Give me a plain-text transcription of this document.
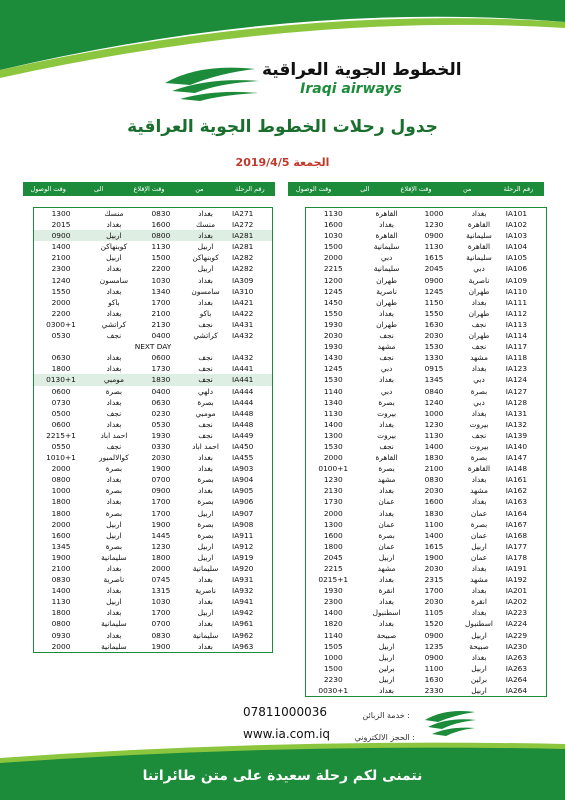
الخطوط الجوية العراقية
Iraqi airways
جدول رحلات الخطوط الجوية العراقية
الجمعة 2019/4/5
وقت الوصول	الى	وقت الإقلاع	من	رقم الرحلة	وقت الوصول	الى	وقت الإقلاع	من	رقم الرحلة
1300	منسك	0830	بغداد	IA271
2015	بغداد	1600	منسك	IA272
0900	اربيل	0800	بغداد	IA281
1400	كوبنهاكن	1130	اربيل	IA281
2100	اربيل	1500	كوبنهاكن	IA282
2300	بغداد	2200	اربيل	IA282
1240	سامسون	1030	بغداد	IA309
1550	بغداد	1340	سامسون	IA310
2000	باكو	1700	بغداد	IA421
2200	بغداد	2100	باكو	IA422
0300+1	كراتشي	2130	نجف	IA431
0530	نجف	0400	كراتشي	IA432
NEXT DAY
0630	بغداد	0600	نجف	IA432
1800	بغداد	1730	نجف	IA441
0130+1	مومبي	1830	نجف	IA441
0600	بصرة	0400	دلهي	IA444
0730	بغداد	0630	بصرة	IA444
0500	نجف	0230	مومبي	IA448
0600	بغداد	0530	نجف	IA448
2215+1	احمد اباد	1930	نجف	IA449
0550	نجف	0330	احمد اباد	IA450
1010+1	كوالالمبور	2030	بغداد	IA455
2000	بصرة	1900	بغداد	IA903
0800	بغداد	0700	بصرة	IA904
1000	بصرة	0900	بغداد	IA905
1800	بغداد	1700	بصرة	IA906
1800	بصرة	1700	اربيل	IA907
2000	اربيل	1900	بصرة	IA908
1600	اربيل	1445	بصرة	IA911
1345	بصرة	1230	اربيل	IA912
1900	سليمانية	1800	اربيل	IA919
2100	بغداد	2000	سليمانية	IA920
0830	ناصرية	0745	بغداد	IA931
1400	بغداد	1315	ناصرية	IA932
1130	اربيل	1030	بغداد	IA941
1800	بغداد	1700	اربيل	IA942
0800	سليمانية	0700	بغداد	IA961
0930	بغداد	0830	سليمانية	IA962
2000	سليمانية	1900	بغداد	IA963
1130	القاهرة	1000	بغداد	IA101
1600	بغداد	1230	القاهرة	IA102
1030	القاهرة	0900	سليمانية	IA103
1500	سليمانية	1130	القاهرة	IA104
2000	دبي	1615	سليمانية	IA105
2215	سليمانية	2045	دبي	IA106
1200	طهران	0900	ناصرية	IA109
1245	ناصرية	1245	طهران	IA110
1450	طهران	1150	بغداد	IA111
1550	بغداد	1550	طهران	IA112
1930	طهران	1630	نجف	IA113
2030	نجف	2030	طهران	IA114
1930	مشهد	1530	نجف	IA117
1430	نجف	1330	مشهد	IA118
1245	دبي	0915	بغداد	IA123
1530	بغداد	1345	دبي	IA124
1140	دبي	0840	بصرة	IA127
1340	بصرة	1240	دبي	IA128
1130	بيروت	1000	بغداد	IA131
1400	بغداد	1230	بيروت	IA132
1300	بيروت	1130	نجف	IA139
1530	نجف	1400	بيروت	IA140
2000	القاهرة	1830	بصرة	IA147
0100+1	بصرة	2100	القاهرة	IA148
1230	مشهد	0830	بغداد	IA161
2130	بغداد	2030	مشهد	IA162
1730	عمان	1600	بغداد	IA163
2000	بغداد	1830	عمان	IA164
1300	عمان	1100	بصرة	IA167
1600	بصرة	1400	عمان	IA168
1800	عمان	1615	اربيل	IA177
2045	اربيل	1900	عمان	IA178
2215	مشهد	2030	بغداد	IA191
0215+1	بغداد	2315	مشهد	IA192
1930	انقرة	1700	بغداد	IA201
2300	بغداد	2030	انقرة	IA202
1400	اسطنبول	1105	بغداد	IA223
1820	بغداد	1520	اسطنبول	IA224
1140	صبيحة	0900	اربيل	IA229
1505	اربيل	1235	صبيحة	IA230
1000	اربيل	0900	بغداد	IA263
1500	برلين	1100	اربيل	IA263
2230	اربيل	1630	برلين	IA264
0030+1	بغداد	2330	اربيل	IA264
خدمة الزبائن :
07811000036
الحجز الالكتروني :
www.ia.com.iq
نتمنى لكم رحلة سعيدة على متن طائراتنا
